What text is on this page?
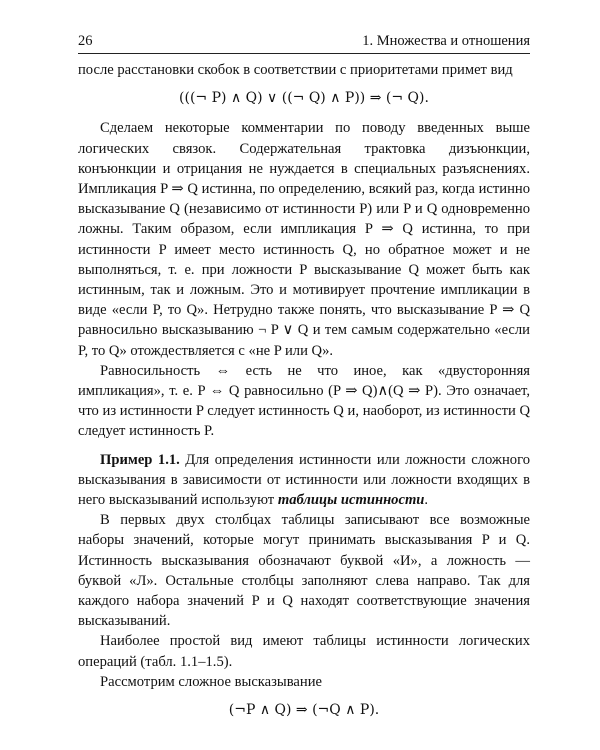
26	1. Множества и отношения

после расстановки скобок в соответствии с приоритетами примет вид

(((¬ P) ∧ Q) ∨ ((¬ Q) ∧ P)) ⇒ (¬ Q).

Сделаем некоторые комментарии по поводу введенных выше логических связок. Содержательная трактовка дизъюнкции, конъюнкции и отрицания не нуждается в специальных разъяснениях. Импликация P ⇒ Q истинна, по определению, всякий раз, когда истинно высказывание Q (независимо от истинности P) или P и Q одновременно ложны. Таким образом, если импликация P ⇒ Q истинна, то при истинности P имеет место истинность Q, но обратное может и не выполняться, т. е. при ложности P высказывание Q может быть как истинным, так и ложным. Это и мотивирует прочтение импликации в виде «если P, то Q». Нетрудно также понять, что высказывание P ⇒ Q равносильно высказыванию ¬ P ∨ Q и тем самым содержательно «если P, то Q» отождествляется с «не P или Q».

Равносильность ⇔ есть не что иное, как «двусторонняя импликация», т. е. P ⇔ Q равносильно (P ⇒ Q)∧(Q ⇒ P). Это означает, что из истинности P следует истинность Q и, наоборот, из истинности Q следует истинность P.

Пример 1.1. Для определения истинности или ложности сложного высказывания в зависимости от истинности или ложности входящих в него высказываний используют таблицы истинности.

В первых двух столбцах таблицы записывают все возможные наборы значений, которые могут принимать высказывания P и Q. Истинность высказывания обозначают буквой «И», а ложность — буквой «Л». Остальные столбцы заполняют слева направо. Так для каждого набора значений P и Q находят соответствующие значения высказываний.

Наиболее простой вид имеют таблицы истинности логических операций (табл. 1.1–1.5).

Рассмотрим сложное высказывание

(¬P ∧ Q) ⇒ (¬Q ∧ P).
